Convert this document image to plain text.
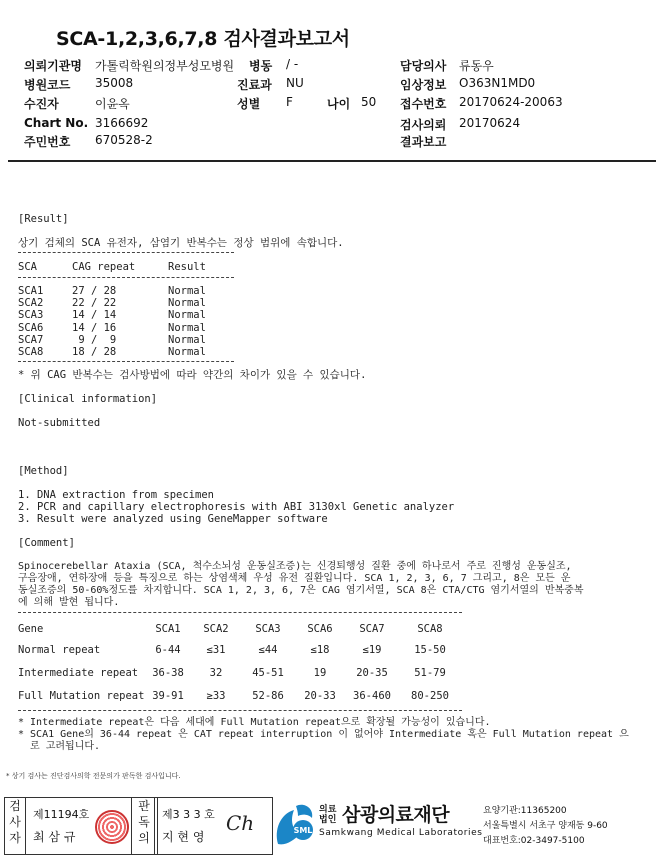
SCA-1,2,3,6,7,8 검사결과보고서
의뢰기관명 가톨릭학원의정부성모병원 병동 / -	담당의사 류동우
병원코드 35008	진료과 NU	임상정보 O363N1MD0
수진자	이윤옥	성별 F	나이 50 접수번호 20170624-20063
Chart No. 3166692	검사의뢰 20170624
주민번호 670528-2	결과보고
[Result]
상기 검체의 SCA 유전자, 삼염기 반복수는 정상 범위에 속합니다.
SCA	CAG repeat	Result
SCA1	27 / 28	Normal
SCA2	22 / 22	Normal
SCA3	14 / 14	Normal
SCA6	14 / 16	Normal
SCA7	9 /  9	Normal
SCA8	18 / 28	Normal
* 위 CAG 반복수는 검사방법에 따라 약간의 차이가 있을 수 있습니다.
[Clinical information]
Not-submitted
[Method]
1. DNA extraction from specimen
2. PCR and capillary electrophoresis with ABI 3130xl Genetic analyzer
3. Result were analyzed using GeneMapper software
[Comment]
Spinocerebellar Ataxia (SCA, 척수소뇌성 운동실조증)는 신경퇴행성 질환 중에 하나로서 주로 진행성 운동실조,
구음장애, 연하장애 등을 특징으로 하는 상염색체 우성 유전 질환입니다. SCA 1, 2, 3, 6, 7 그리고, 8은 모든 운
동실조증의 50-60%정도를 차지합니다. SCA 1, 2, 3, 6, 7은 CAG 염기서열, SCA 8은 CTA/CTG 염기서열의 반복중복
에 의해 발현 됩니다.
Gene	SCA1	SCA2	SCA3	SCA6	SCA7	SCA8
Normal repeat	6-44	≤31	≤44	≤18	≤19	15-50
Intermediate repeat	36-38	32	45-51	19	20-35	51-79
Full Mutation repeat	39-91	≥33	52-86	20-33	36-460	80-250
* Intermediate repeat은 다음 세대에 Full Mutation repeat으로 확장될 가능성이 있습니다.
* SCA1 Gene의 36-44 repeat 은 CAT repeat interruption 이 없어야 Intermediate 혹은 Full Mutation repeat 으
로 고려됩니다.
* 상기 검사는 진단검사의학 전문의가 판독한 검사입니다.
검
사
자
제11194호
최 삼 규
판
독
의
제3 3 3 호
지 현 영
Ch	SML
의료
법인 삼광의료재단
Samkwang Medical Laboratories
요양기관:11365200
서울특별시 서초구 양재동 9-60
대표번호:02-3497-5100
